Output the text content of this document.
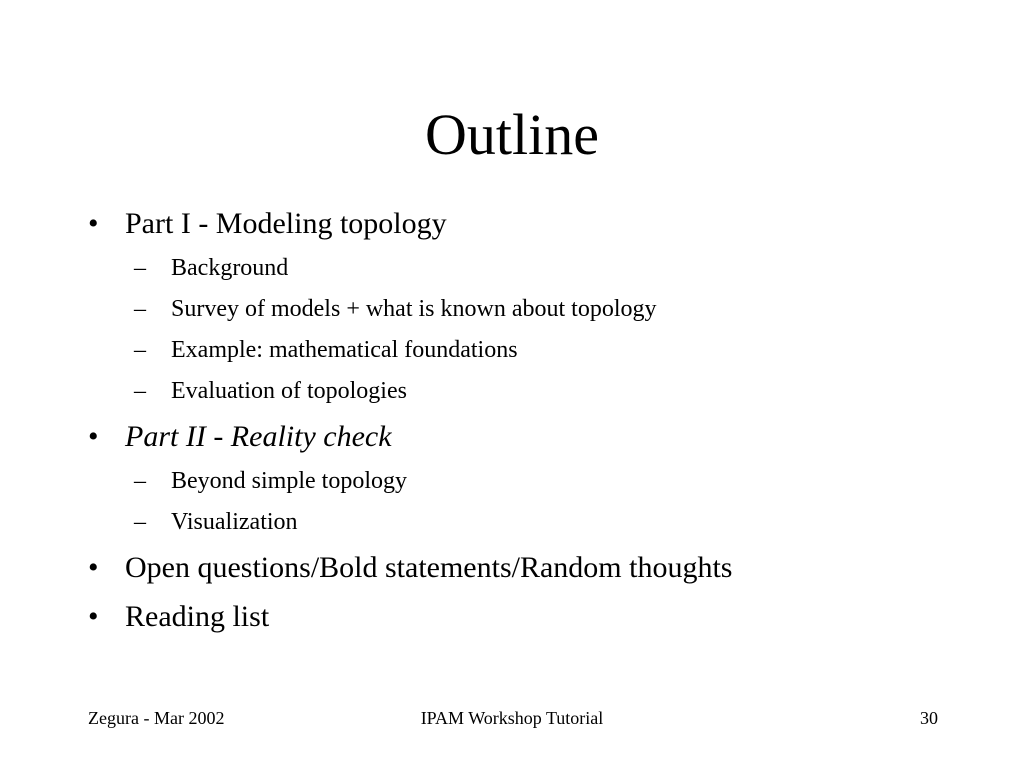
Outline
• Part I - Modeling topology
– Background
– Survey of models + what is known about topology
– Example: mathematical foundations
– Evaluation of topologies
• Part II - Reality check
– Beyond simple topology
– Visualization
• Open questions/Bold statements/Random thoughts
• Reading list
Zegura - Mar 2002	IPAM Workshop Tutorial	30
